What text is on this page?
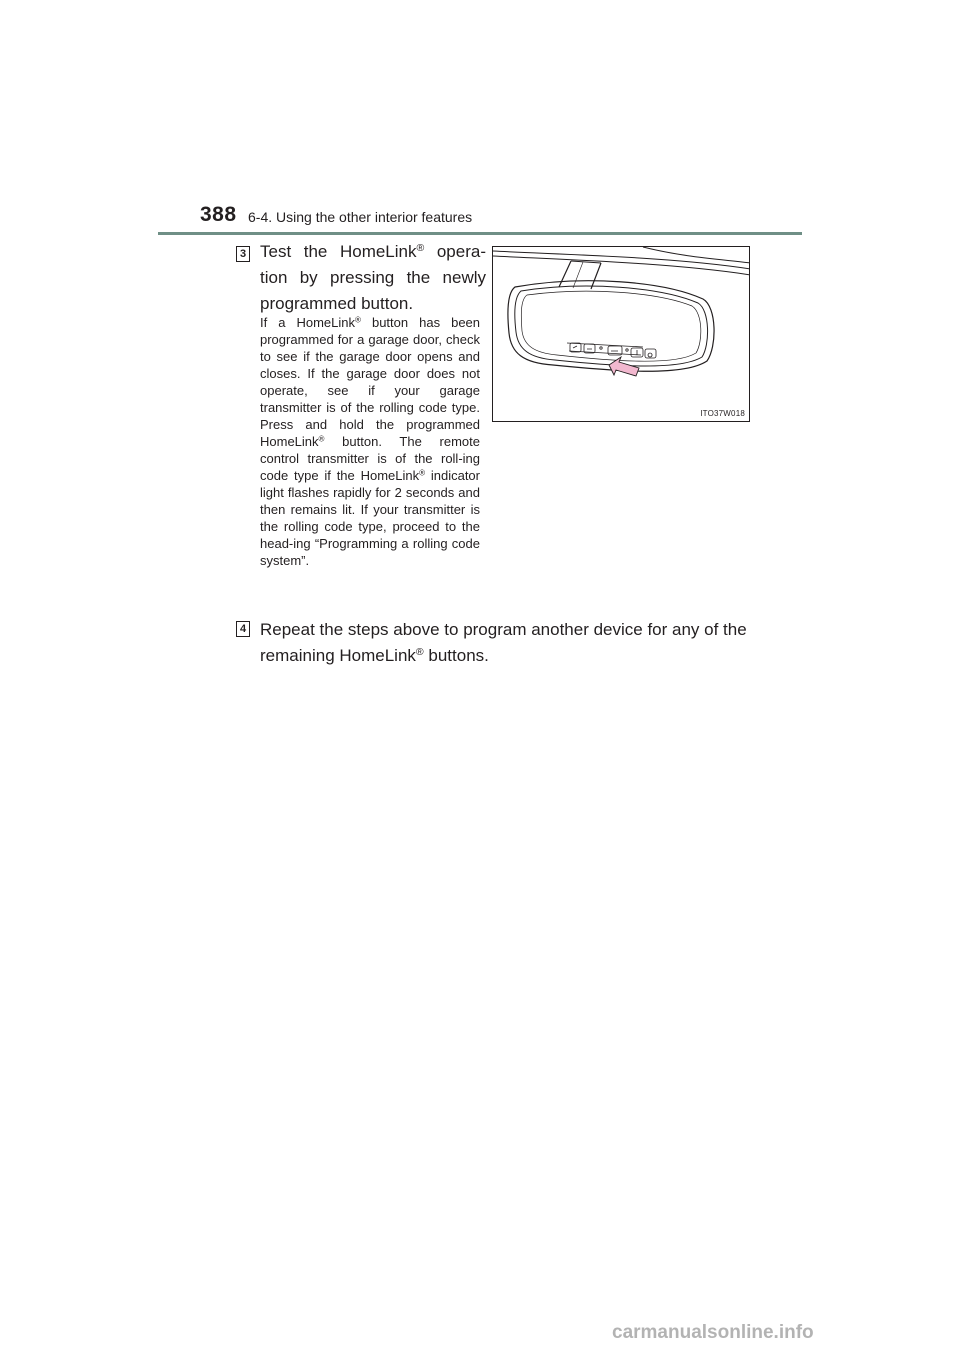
388 6-4. Using the other interior features
3 Test the HomeLink® opera-tion by pressing the newly programmed button.
If a HomeLink® button has been programmed for a garage door, check to see if the garage door opens and closes. If the garage door does not operate, see if your garage transmitter is of the rolling code type. Press and hold the programmed HomeLink® button. The remote control transmitter is of the roll-ing code type if the HomeLink® indicator light flashes rapidly for 2 seconds and then remains lit. If your transmitter is the rolling code type, proceed to the head-ing “Programming a rolling code system”.
ITO37W018
4 Repeat the steps above to program another device for any of the remaining HomeLink® buttons.
carmanualsonline.info
